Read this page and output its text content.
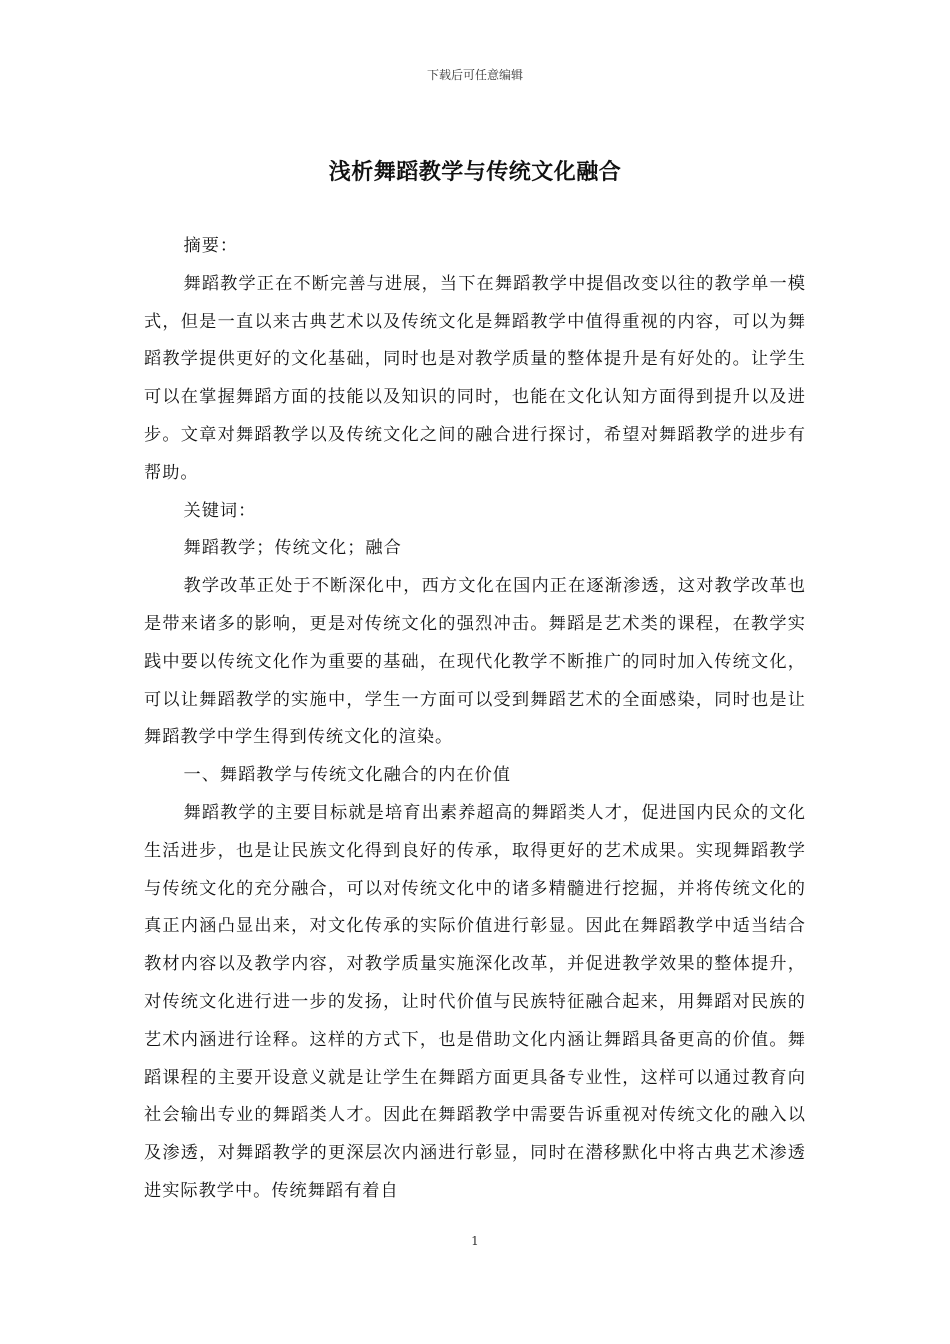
下载后可任意编辑
浅析舞蹈教学与传统文化融合

摘要：

舞蹈教学正在不断完善与进展，当下在舞蹈教学中提倡改变以往的教学单一模式，但是一直以来古典艺术以及传统文化是舞蹈教学中值得重视的内容，可以为舞蹈教学提供更好的文化基础，同时也是对教学质量的整体提升是有好处的。让学生可以在掌握舞蹈方面的技能以及知识的同时，也能在文化认知方面得到提升以及进步。文章对舞蹈教学以及传统文化之间的融合进行探讨，希望对舞蹈教学的进步有帮助。

关键词：

舞蹈教学；传统文化；融合

教学改革正处于不断深化中，西方文化在国内正在逐渐渗透，这对教学改革也是带来诸多的影响，更是对传统文化的强烈冲击。舞蹈是艺术类的课程，在教学实践中要以传统文化作为重要的基础，在现代化教学不断推广的同时加入传统文化，可以让舞蹈教学的实施中，学生一方面可以受到舞蹈艺术的全面感染，同时也是让舞蹈教学中学生得到传统文化的渲染。

一、舞蹈教学与传统文化融合的内在价值

舞蹈教学的主要目标就是培育出素养超高的舞蹈类人才，促进国内民众的文化生活进步，也是让民族文化得到良好的传承，取得更好的艺术成果。实现舞蹈教学与传统文化的充分融合，可以对传统文化中的诸多精髓进行挖掘，并将传统文化的真正内涵凸显出来，对文化传承的实际价值进行彰显。因此在舞蹈教学中适当结合教材内容以及教学内容，对教学质量实施深化改革，并促进教学效果的整体提升，对传统文化进行进一步的发扬，让时代价值与民族特征融合起来，用舞蹈对民族的艺术内涵进行诠释。这样的方式下，也是借助文化内涵让舞蹈具备更高的价值。舞蹈课程的主要开设意义就是让学生在舞蹈方面更具备专业性，这样可以通过教育向社会输出专业的舞蹈类人才。因此在舞蹈教学中需要告诉重视对传统文化的融入以及渗透，对舞蹈教学的更深层次内涵进行彰显，同时在潜移默化中将古典艺术渗透进实际教学中。传统舞蹈有着自

1
